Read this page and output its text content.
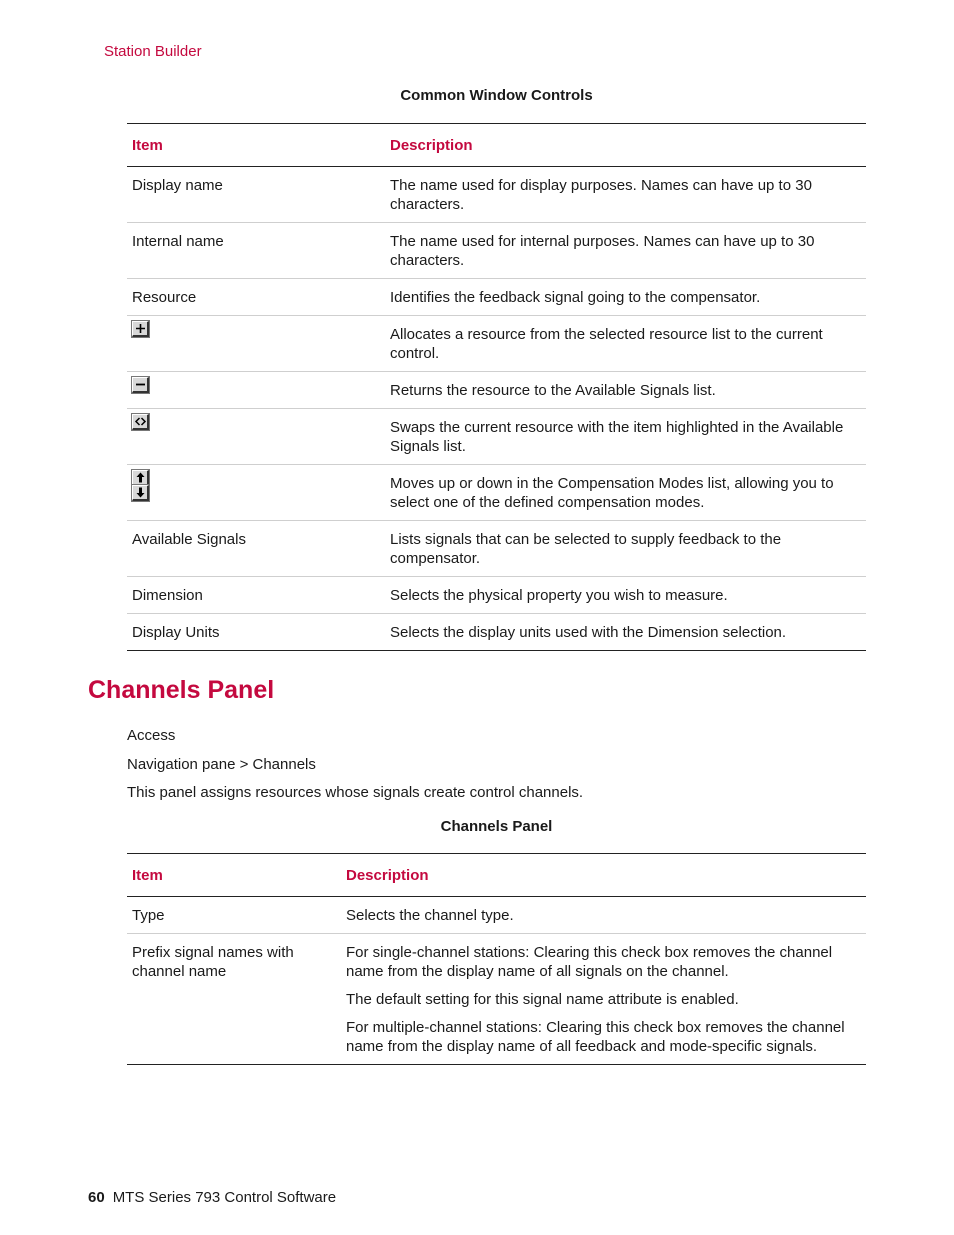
Station Builder
Common Window Controls
Item	Description
Display name	The name used for display purposes. Names can have up to 30 characters.
Internal name	The name used for internal purposes. Names can have up to 30 characters.
Resource	Identifies the feedback signal going to the compensator.

	Allocates a resource from the selected resource list to the current control.

	Returns the resource to the Available Signals list.

	Swaps the current resource with the item highlighted in the Available Signals list.

	Moves up or down in the Compensation Modes list, allowing you to select one of the defined compensation modes.
Available Signals	Lists signals that can be selected to supply feedback to the compensator.
Dimension	Selects the physical property you wish to measure.
Display Units	Selects the display units used with the Dimension selection.
Channels Panel
Access
Navigation pane > Channels
This panel assigns resources whose signals create control channels.
Channels Panel
Item	Description
Type	Selects the channel type.

Prefix signal names with channel name	For single-channel stations: Clearing this check box removes the channel name from the display name of all signals on the channel.

The default setting for this signal name attribute is enabled.

For multiple-channel stations: Clearing this check box removes the channel name from the display name of all feedback and mode-specific signals.

60 MTS Series 793 Control Software
